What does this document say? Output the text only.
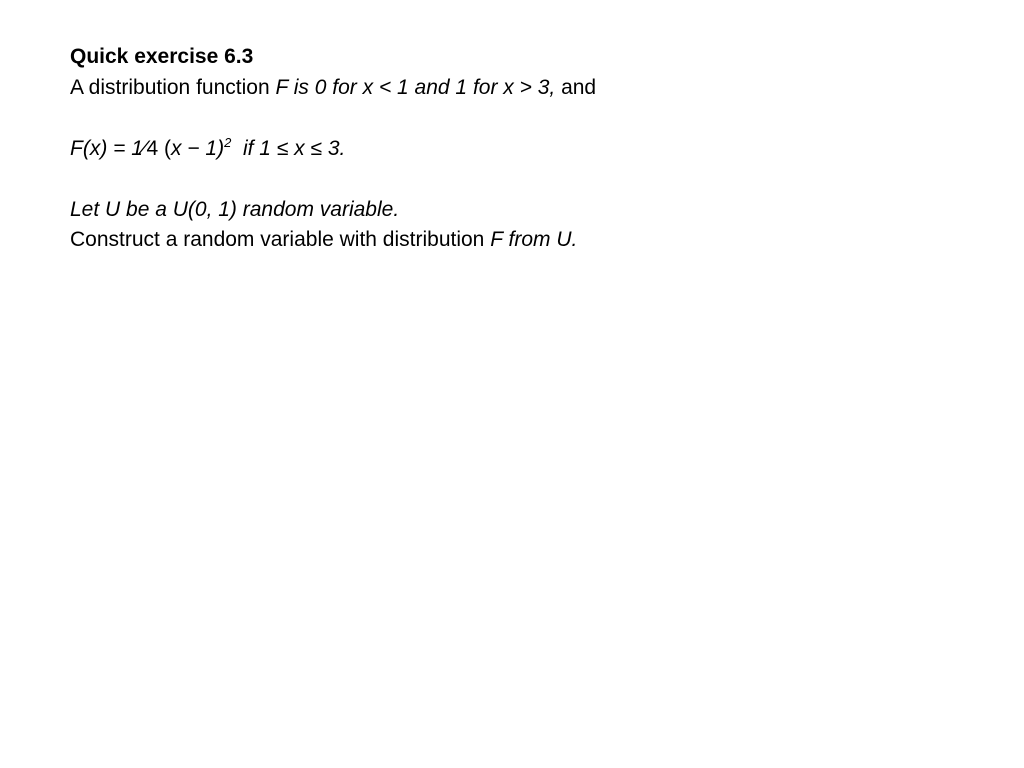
Quick exercise 6.3
A distribution function F is 0 for x < 1 and 1 for x > 3, and
F(x) = 1⁄4 $(x - 1)^2$  if 1 ≤ x ≤ 3.
Let U be a U(0, 1) random variable.
Construct a random variable with distribution F from U.
